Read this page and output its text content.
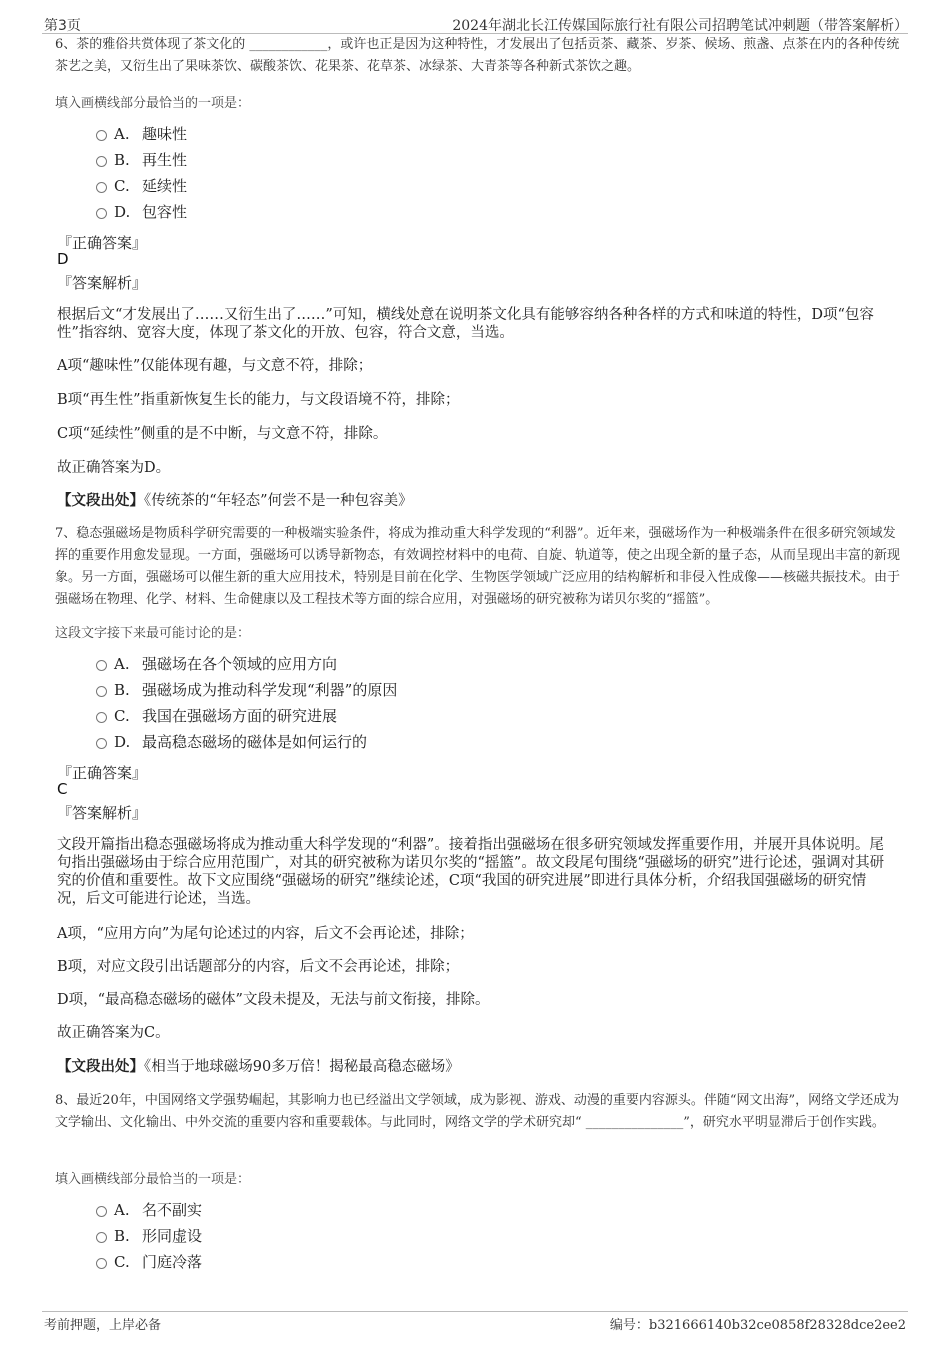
第3页	2024年湖北长江传媒国际旅行社有限公司招聘笔试冲刺题（带答案解析）
6、茶的雅俗共赏体现了茶文化的 ____________，或许也正是因为这种特性，才发展出了包括贡茶、藏茶、岁茶、候场、煎盏、点茶在内的各种传统茶艺之美，又衍生出了果味茶饮、碳酸茶饮、花果茶、花草茶、冰绿茶、大青茶等各种新式茶饮之趣。
填入画横线部分最恰当的一项是：
A. 趣味性
B. 再生性
C. 延续性
D. 包容性
『正确答案』
D
『答案解析』
根据后文“才发展出了……又衍生出了……”可知，横线处意在说明茶文化具有能够容纳各种各样的方式和味道的特性，D项“包容性”指容纳、宽容大度，体现了茶文化的开放、包容，符合文意，当选。
A项“趣味性”仅能体现有趣，与文意不符，排除；
B项“再生性”指重新恢复生长的能力，与文段语境不符，排除；
C项“延续性”侧重的是不中断，与文意不符，排除。
故正确答案为D。
【文段出处】《传统茶的“年轻态”何尝不是一种包容美》
7、稳态强磁场是物质科学研究需要的一种极端实验条件，将成为推动重大科学发现的“利器”。近年来，强磁场作为一种极端条件在很多研究领域发挥的重要作用愈发显现。一方面，强磁场可以诱导新物态，有效调控材料中的电荷、自旋、轨道等，使之出现全新的量子态，从而呈现出丰富的新现象。另一方面，强磁场可以催生新的重大应用技术，特别是目前在化学、生物医学领域广泛应用的结构解析和非侵入性成像——核磁共振技术。由于强磁场在物理、化学、材料、生命健康以及工程技术等方面的综合应用，对强磁场的研究被称为诺贝尔奖的“摇篮”。
这段文字接下来最可能讨论的是：
A. 强磁场在各个领域的应用方向
B. 强磁场成为推动科学发现“利器”的原因
C. 我国在强磁场方面的研究进展
D. 最高稳态磁场的磁体是如何运行的
『正确答案』
C
『答案解析』
文段开篇指出稳态强磁场将成为推动重大科学发现的“利器”。接着指出强磁场在很多研究领域发挥重要作用，并展开具体说明。尾句指出强磁场由于综合应用范围广，对其的研究被称为诺贝尔奖的“摇篮”。故文段尾句围绕“强磁场的研究”进行论述，强调对其研究的价值和重要性。故下文应围绕“强磁场的研究”继续论述，C项“我国的研究进展”即进行具体分析，介绍我国强磁场的研究情况，后文可能进行论述，当选。
A项，“应用方向”为尾句论述过的内容，后文不会再论述，排除；
B项，对应文段引出话题部分的内容，后文不会再论述，排除；
D项，“最高稳态磁场的磁体”文段未提及，无法与前文衔接，排除。
故正确答案为C。
【文段出处】《相当于地球磁场90多万倍！揭秘最高稳态磁场》
8、最近20年，中国网络文学强势崛起，其影响力也已经溢出文学领域，成为影视、游戏、动漫的重要内容源头。伴随“网文出海”，网络文学还成为文学输出、文化输出、中外交流的重要内容和重要载体。与此同时，网络文学的学术研究却“ _______________”，研究水平明显滞后于创作实践。
填入画横线部分最恰当的一项是：
A. 名不副实
B. 形同虚设
C. 门庭冷落
考前押题，上岸必备	编号：b321666140b32ce0858f28328dce2ee2
